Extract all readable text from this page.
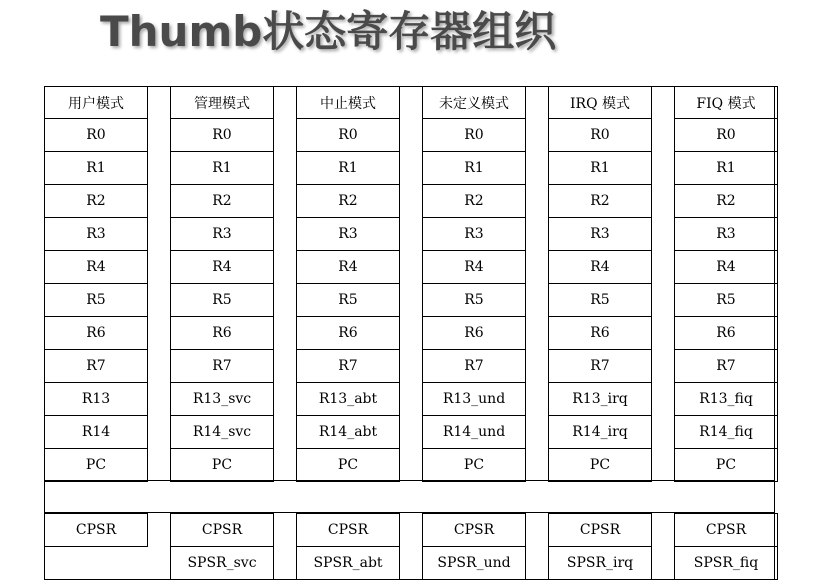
Thumb状态寄存器组织
用户模式
R0
R1
R2
R3
R4
R5
R6
R7
R13
R14
PC
CPSR
管理模式
R0
R1
R2
R3
R4
R5
R6
R7
R13_svc
R14_svc
PC
CPSR
SPSR_svc
中止模式
R0
R1
R2
R3
R4
R5
R6
R7
R13_abt
R14_abt
PC
CPSR
SPSR_abt
未定义模式
R0
R1
R2
R3
R4
R5
R6
R7
R13_und
R14_und
PC
CPSR
SPSR_und
IRQ 模式
R0
R1
R2
R3
R4
R5
R6
R7
R13_irq
R14_irq
PC
CPSR
SPSR_irq
FIQ 模式
R0
R1
R2
R3
R4
R5
R6
R7
R13_fiq
R14_fiq
PC
CPSR
SPSR_fiq
